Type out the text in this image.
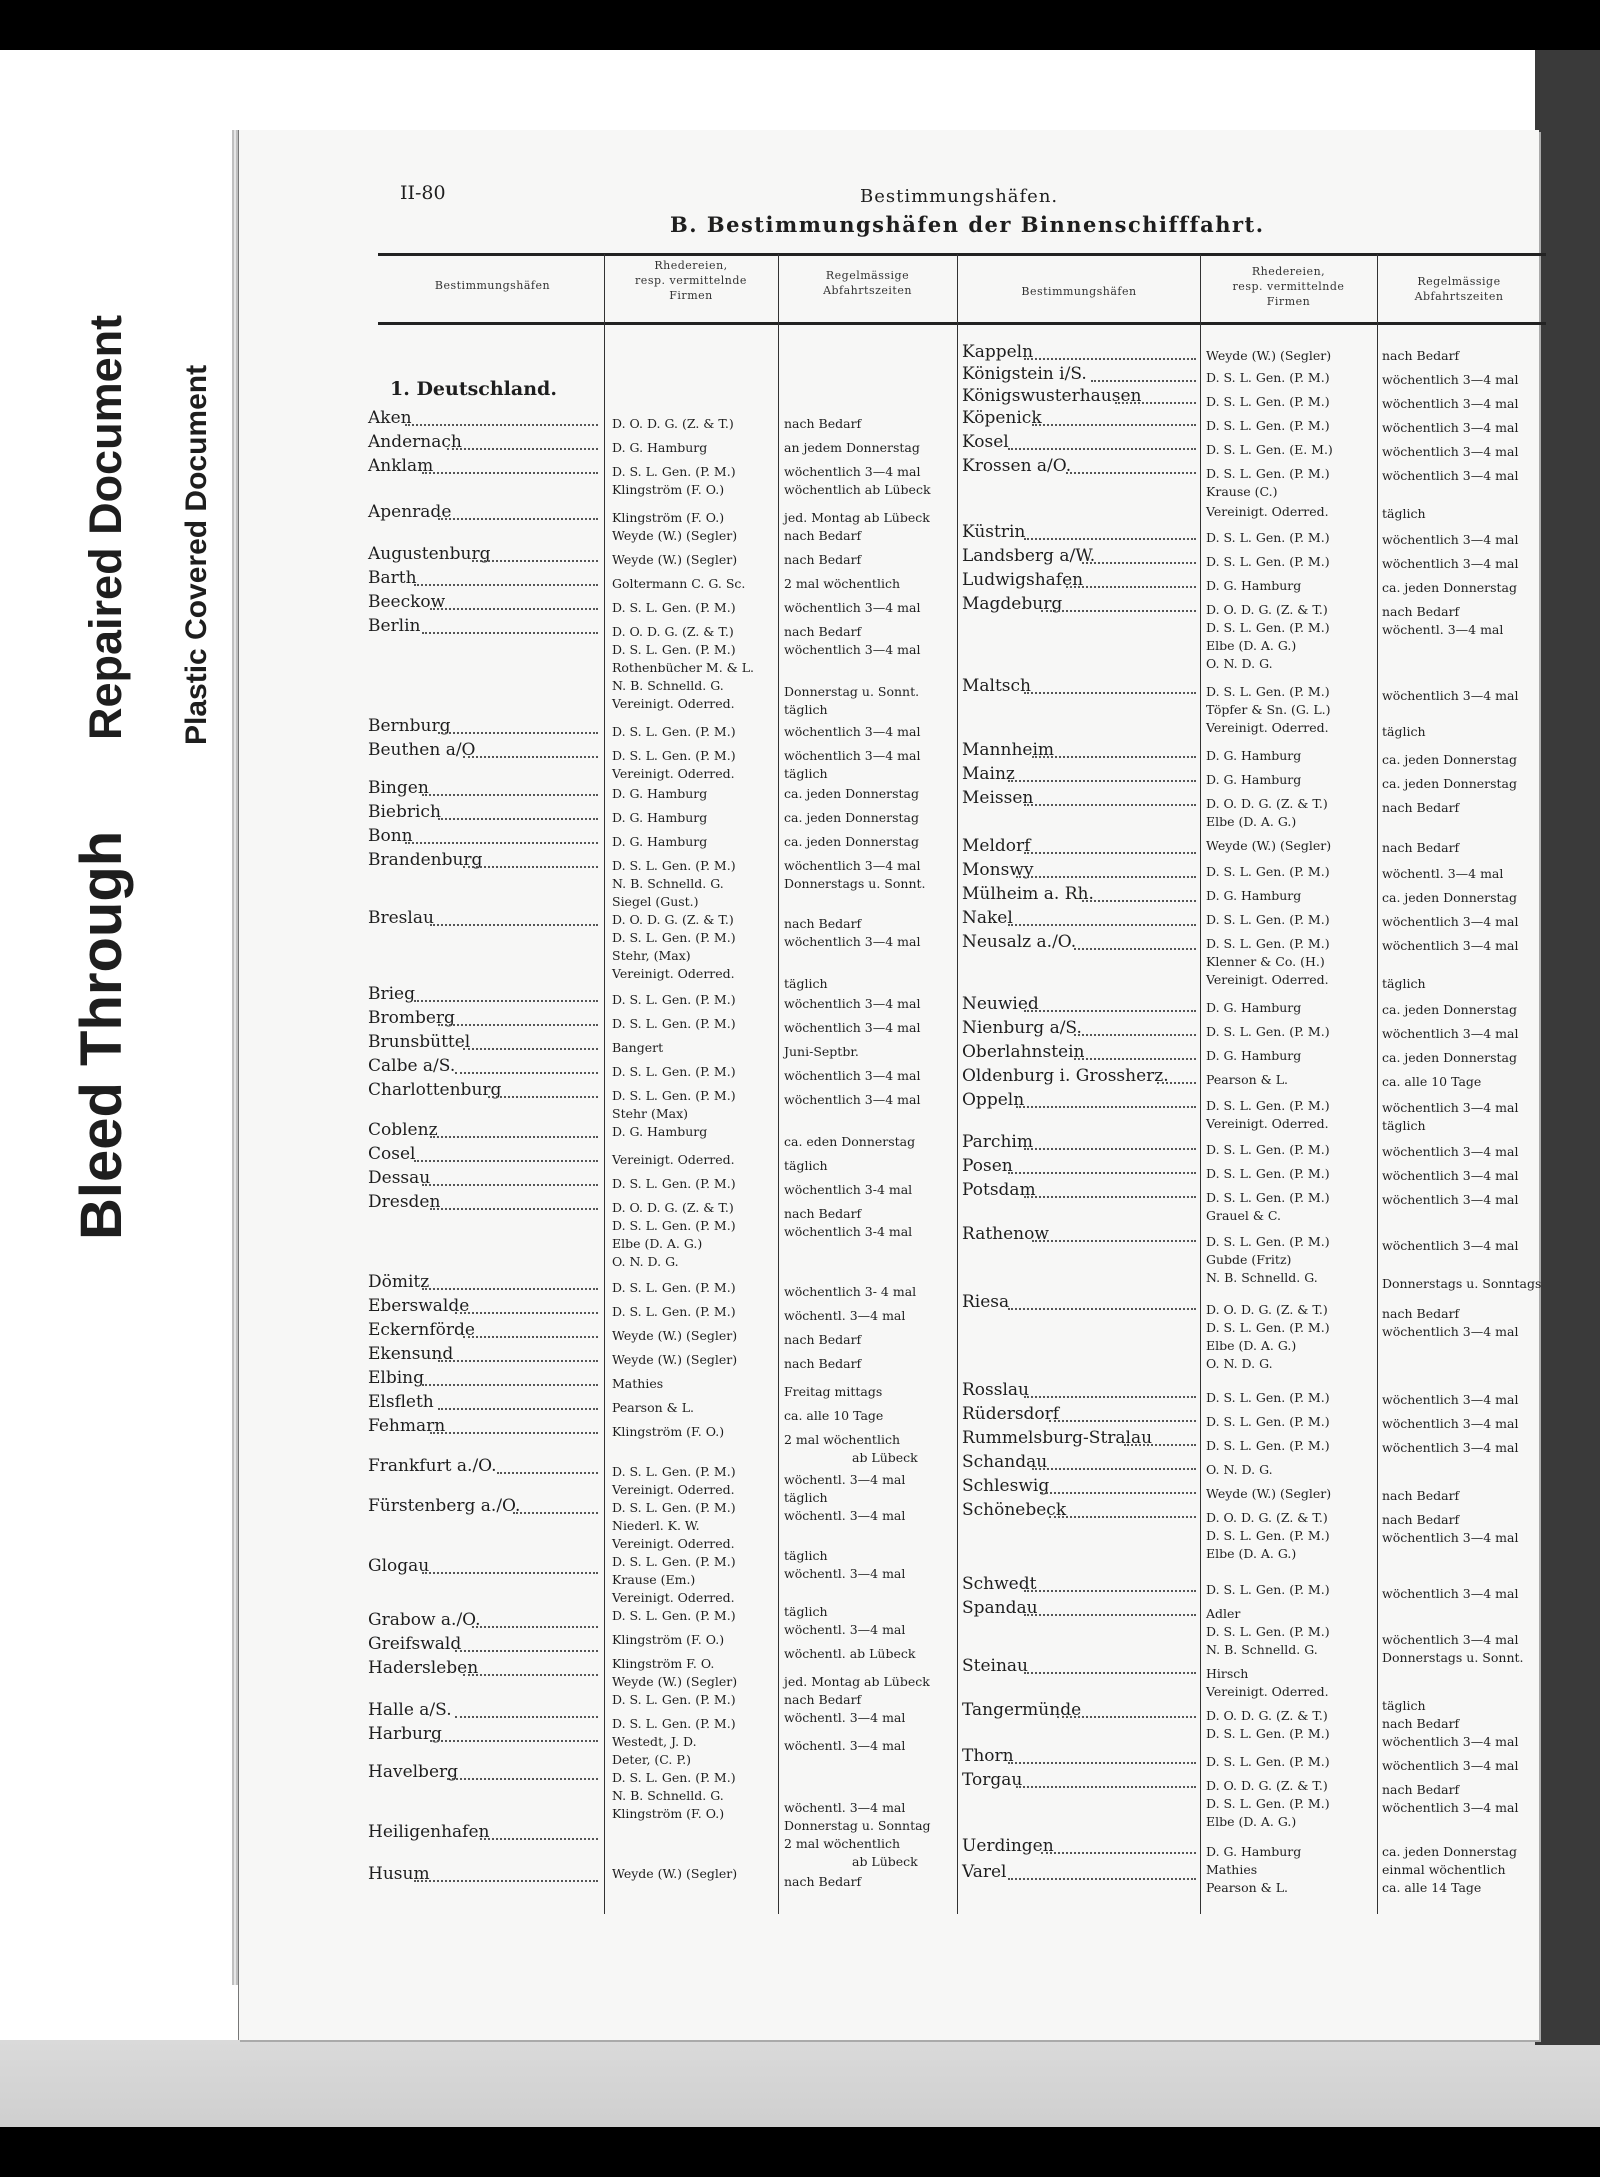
Bleed Through
Repaired Document Plastic Covered Document
II-80	Bestimmungshäfen.
B. Bestimmungshäfen der Binnenschifffahrt.
Bestimmungshäfen
Rhedereien,
resp. vermittelnde
Firmen
Regelmässige
Abfahrtszeiten	Bestimmungshäfen
Rhedereien,
resp. vermittelnde
Firmen
Regelmässige
Abfahrtszeiten
1. Deutschland.
Aken
Andernach
Anklam
Apenrade
Augustenburg
Barth
Beeckow
Berlin
Bernburg
Beuthen a/O
Bingen
Biebrich
Bonn
Brandenburg
Breslau
Brieg
Bromberg
Brunsbüttel
Calbe a/S.
Charlottenburg
Coblenz
Cosel
Dessau
Dresden
Dömitz
Eberswalde
Eckernförde
Ekensund
Elbing
Elsfleth
Fehmarn
Frankfurt a./O.
Fürstenberg a./O.
Glogau
Grabow a./O.
Greifswald
Hadersleben
Halle a/S.
Harburg
Havelberg
Heiligenhafen
Husum
D. O. D. G. (Z. & T.)
D. G. Hamburg
D. S. L. Gen. (P. M.)
Klingström (F. O.)
Klingström (F. O.)
Weyde (W.) (Segler)
Weyde (W.) (Segler)
Goltermann C. G. Sc.
D. S. L. Gen. (P. M.)
D. O. D. G. (Z. & T.)
D. S. L. Gen. (P. M.)
Rothenbücher M. & L.
N. B. Schnelld. G.
Vereinigt. Oderred.
D. S. L. Gen. (P. M.)
D. S. L. Gen. (P. M.)
Vereinigt. Oderred.
D. G. Hamburg
D. G. Hamburg
D. G. Hamburg
D. S. L. Gen. (P. M.)
N. B. Schnelld. G.
Siegel (Gust.)
D. O. D. G. (Z. & T.)
D. S. L. Gen. (P. M.)
Stehr, (Max)
Vereinigt. Oderred.
D. S. L. Gen. (P. M.)
D. S. L. Gen. (P. M.)
Bangert
D. S. L. Gen. (P. M.)
D. S. L. Gen. (P. M.)
Stehr (Max)
D. G. Hamburg
Vereinigt. Oderred.
D. S. L. Gen. (P. M.)
D. O. D. G. (Z. & T.)
D. S. L. Gen. (P. M.)
Elbe (D. A. G.)
O. N. D. G.
D. S. L. Gen. (P. M.)
D. S. L. Gen. (P. M.)
Weyde (W.) (Segler)
Weyde (W.) (Segler)
Mathies
Pearson & L.
Klingström (F. O.)
D. S. L. Gen. (P. M.)
Vereinigt. Oderred.
D. S. L. Gen. (P. M.)
Niederl. K. W.
Vereinigt. Oderred.
D. S. L. Gen. (P. M.)
Krause (Em.)
Vereinigt. Oderred.
D. S. L. Gen. (P. M.)
Klingström (F. O.)
Klingström F. O.
Weyde (W.) (Segler)
D. S. L. Gen. (P. M.)
D. S. L. Gen. (P. M.)
Westedt, J. D.
Deter, (C. P.)
D. S. L. Gen. (P. M.)
N. B. Schnelld. G.
Klingström (F. O.)
Weyde (W.) (Segler)
nach Bedarf
an jedem Donnerstag
wöchentlich 3—4 mal
wöchentlich ab Lübeck
jed. Montag ab Lübeck
nach Bedarf
nach Bedarf
2 mal wöchentlich
wöchentlich 3—4 mal
nach Bedarf
wöchentlich 3—4 mal
Donnerstag u. Sonnt.
täglich
wöchentlich 3—4 mal
wöchentlich 3—4 mal
täglich
ca. jeden Donnerstag
ca. jeden Donnerstag
ca. jeden Donnerstag
wöchentlich 3—4 mal
Donnerstags u. Sonnt.
nach Bedarf
wöchentlich 3—4 mal
täglich
wöchentlich 3—4 mal
wöchentlich 3—4 mal
Juni-Septbr.
wöchentlich 3—4 mal
wöchentlich 3—4 mal
ca. eden Donnerstag
täglich
wöchentlich 3-4 mal
nach Bedarf
wöchentlich 3-4 mal
wöchentlich 3- 4 mal
wöchentl. 3—4 mal
nach Bedarf
nach Bedarf
Freitag mittags
ca. alle 10 Tage
2 mal wöchentlich
ab Lübeck
wöchentl. 3—4 mal
täglich
wöchentl. 3—4 mal
täglich
wöchentl. 3—4 mal
täglich
wöchentl. 3—4 mal
wöchentl. ab Lübeck
jed. Montag ab Lübeck
nach Bedarf
wöchentl. 3—4 mal
wöchentl. 3—4 mal
wöchentl. 3—4 mal
Donnerstag u. Sonntag
2 mal wöchentlich
ab Lübeck
nach Bedarf
Kappeln
Königstein i/S.
Königswusterhausen
Köpenick
Kosel
Krossen a/O.
Küstrin
Landsberg a/W.
Ludwigshafen
Magdeburg
Maltsch
Mannheim
Mainz
Meissen
Meldorf
Monswy
Mülheim a. Rh.
Nakel
Neusalz a./O.
Neuwied
Nienburg a/S.
Oberlahnstein
Oldenburg i. Grossherz.
Oppeln
Parchim
Posen
Potsdam
Rathenow
Riesa
Rosslau
Rüdersdorf
Rummelsburg-Stralau
Schandau
Schleswig
Schönebeck
Schwedt
Spandau
Steinau
Tangermünde
Thorn
Torgau
Uerdingen
Varel
Weyde (W.) (Segler)
D. S. L. Gen. (P. M.)
D. S. L. Gen. (P. M.)
D. S. L. Gen. (P. M.)
D. S. L. Gen. (E. M.)
D. S. L. Gen. (P. M.)
Krause (C.)
Vereinigt. Oderred.
D. S. L. Gen. (P. M.)
D. S. L. Gen. (P. M.)
D. G. Hamburg
D. O. D. G. (Z. & T.)
D. S. L. Gen. (P. M.)
Elbe (D. A. G.)
O. N. D. G.
D. S. L. Gen. (P. M.)
Töpfer & Sn. (G. L.)
Vereinigt. Oderred.
D. G. Hamburg
D. G. Hamburg
D. O. D. G. (Z. & T.)
Elbe (D. A. G.)
Weyde (W.) (Segler)
D. S. L. Gen. (P. M.)
D. G. Hamburg
D. S. L. Gen. (P. M.)
D. S. L. Gen. (P. M.)
Klenner & Co. (H.)
Vereinigt. Oderred.
D. G. Hamburg
D. S. L. Gen. (P. M.)
D. G. Hamburg
Pearson & L.
D. S. L. Gen. (P. M.)
Vereinigt. Oderred.
D. S. L. Gen. (P. M.)
D. S. L. Gen. (P. M.)
D. S. L. Gen. (P. M.)
Grauel & C.
D. S. L. Gen. (P. M.)
Gubde (Fritz)
N. B. Schnelld. G.
D. O. D. G. (Z. & T.)
D. S. L. Gen. (P. M.)
Elbe (D. A. G.)
O. N. D. G.
D. S. L. Gen. (P. M.)
D. S. L. Gen. (P. M.)
D. S. L. Gen. (P. M.)
O. N. D. G.
Weyde (W.) (Segler)
D. O. D. G. (Z. & T.)
D. S. L. Gen. (P. M.)
Elbe (D. A. G.)
D. S. L. Gen. (P. M.)
Adler
D. S. L. Gen. (P. M.)
N. B. Schnelld. G.
Hirsch
Vereinigt. Oderred.
D. O. D. G. (Z. & T.)
D. S. L. Gen. (P. M.)
D. S. L. Gen. (P. M.)
D. O. D. G. (Z. & T.)
D. S. L. Gen. (P. M.)
Elbe (D. A. G.)
D. G. Hamburg
Mathies
Pearson & L.
nach Bedarf
wöchentlich 3—4 mal
wöchentlich 3—4 mal
wöchentlich 3—4 mal
wöchentlich 3—4 mal
wöchentlich 3—4 mal
täglich
wöchentlich 3—4 mal
wöchentlich 3—4 mal
ca. jeden Donnerstag
nach Bedarf
wöchentl. 3—4 mal
wöchentlich 3—4 mal
täglich
ca. jeden Donnerstag
ca. jeden Donnerstag
nach Bedarf
nach Bedarf
wöchentl. 3—4 mal
ca. jeden Donnerstag
wöchentlich 3—4 mal
wöchentlich 3—4 mal
täglich
ca. jeden Donnerstag
wöchentlich 3—4 mal
ca. jeden Donnerstag
ca. alle 10 Tage
wöchentlich 3—4 mal
täglich
wöchentlich 3—4 mal
wöchentlich 3—4 mal
wöchentlich 3—4 mal
wöchentlich 3—4 mal
Donnerstags u. Sonntags
nach Bedarf
wöchentlich 3—4 mal
wöchentlich 3—4 mal
wöchentlich 3—4 mal
wöchentlich 3—4 mal
nach Bedarf
nach Bedarf
wöchentlich 3—4 mal
wöchentlich 3—4 mal
wöchentlich 3—4 mal
Donnerstags u. Sonnt.
täglich
nach Bedarf
wöchentlich 3—4 mal
wöchentlich 3—4 mal
nach Bedarf
wöchentlich 3—4 mal
ca. jeden Donnerstag
einmal wöchentlich
ca. alle 14 Tage
